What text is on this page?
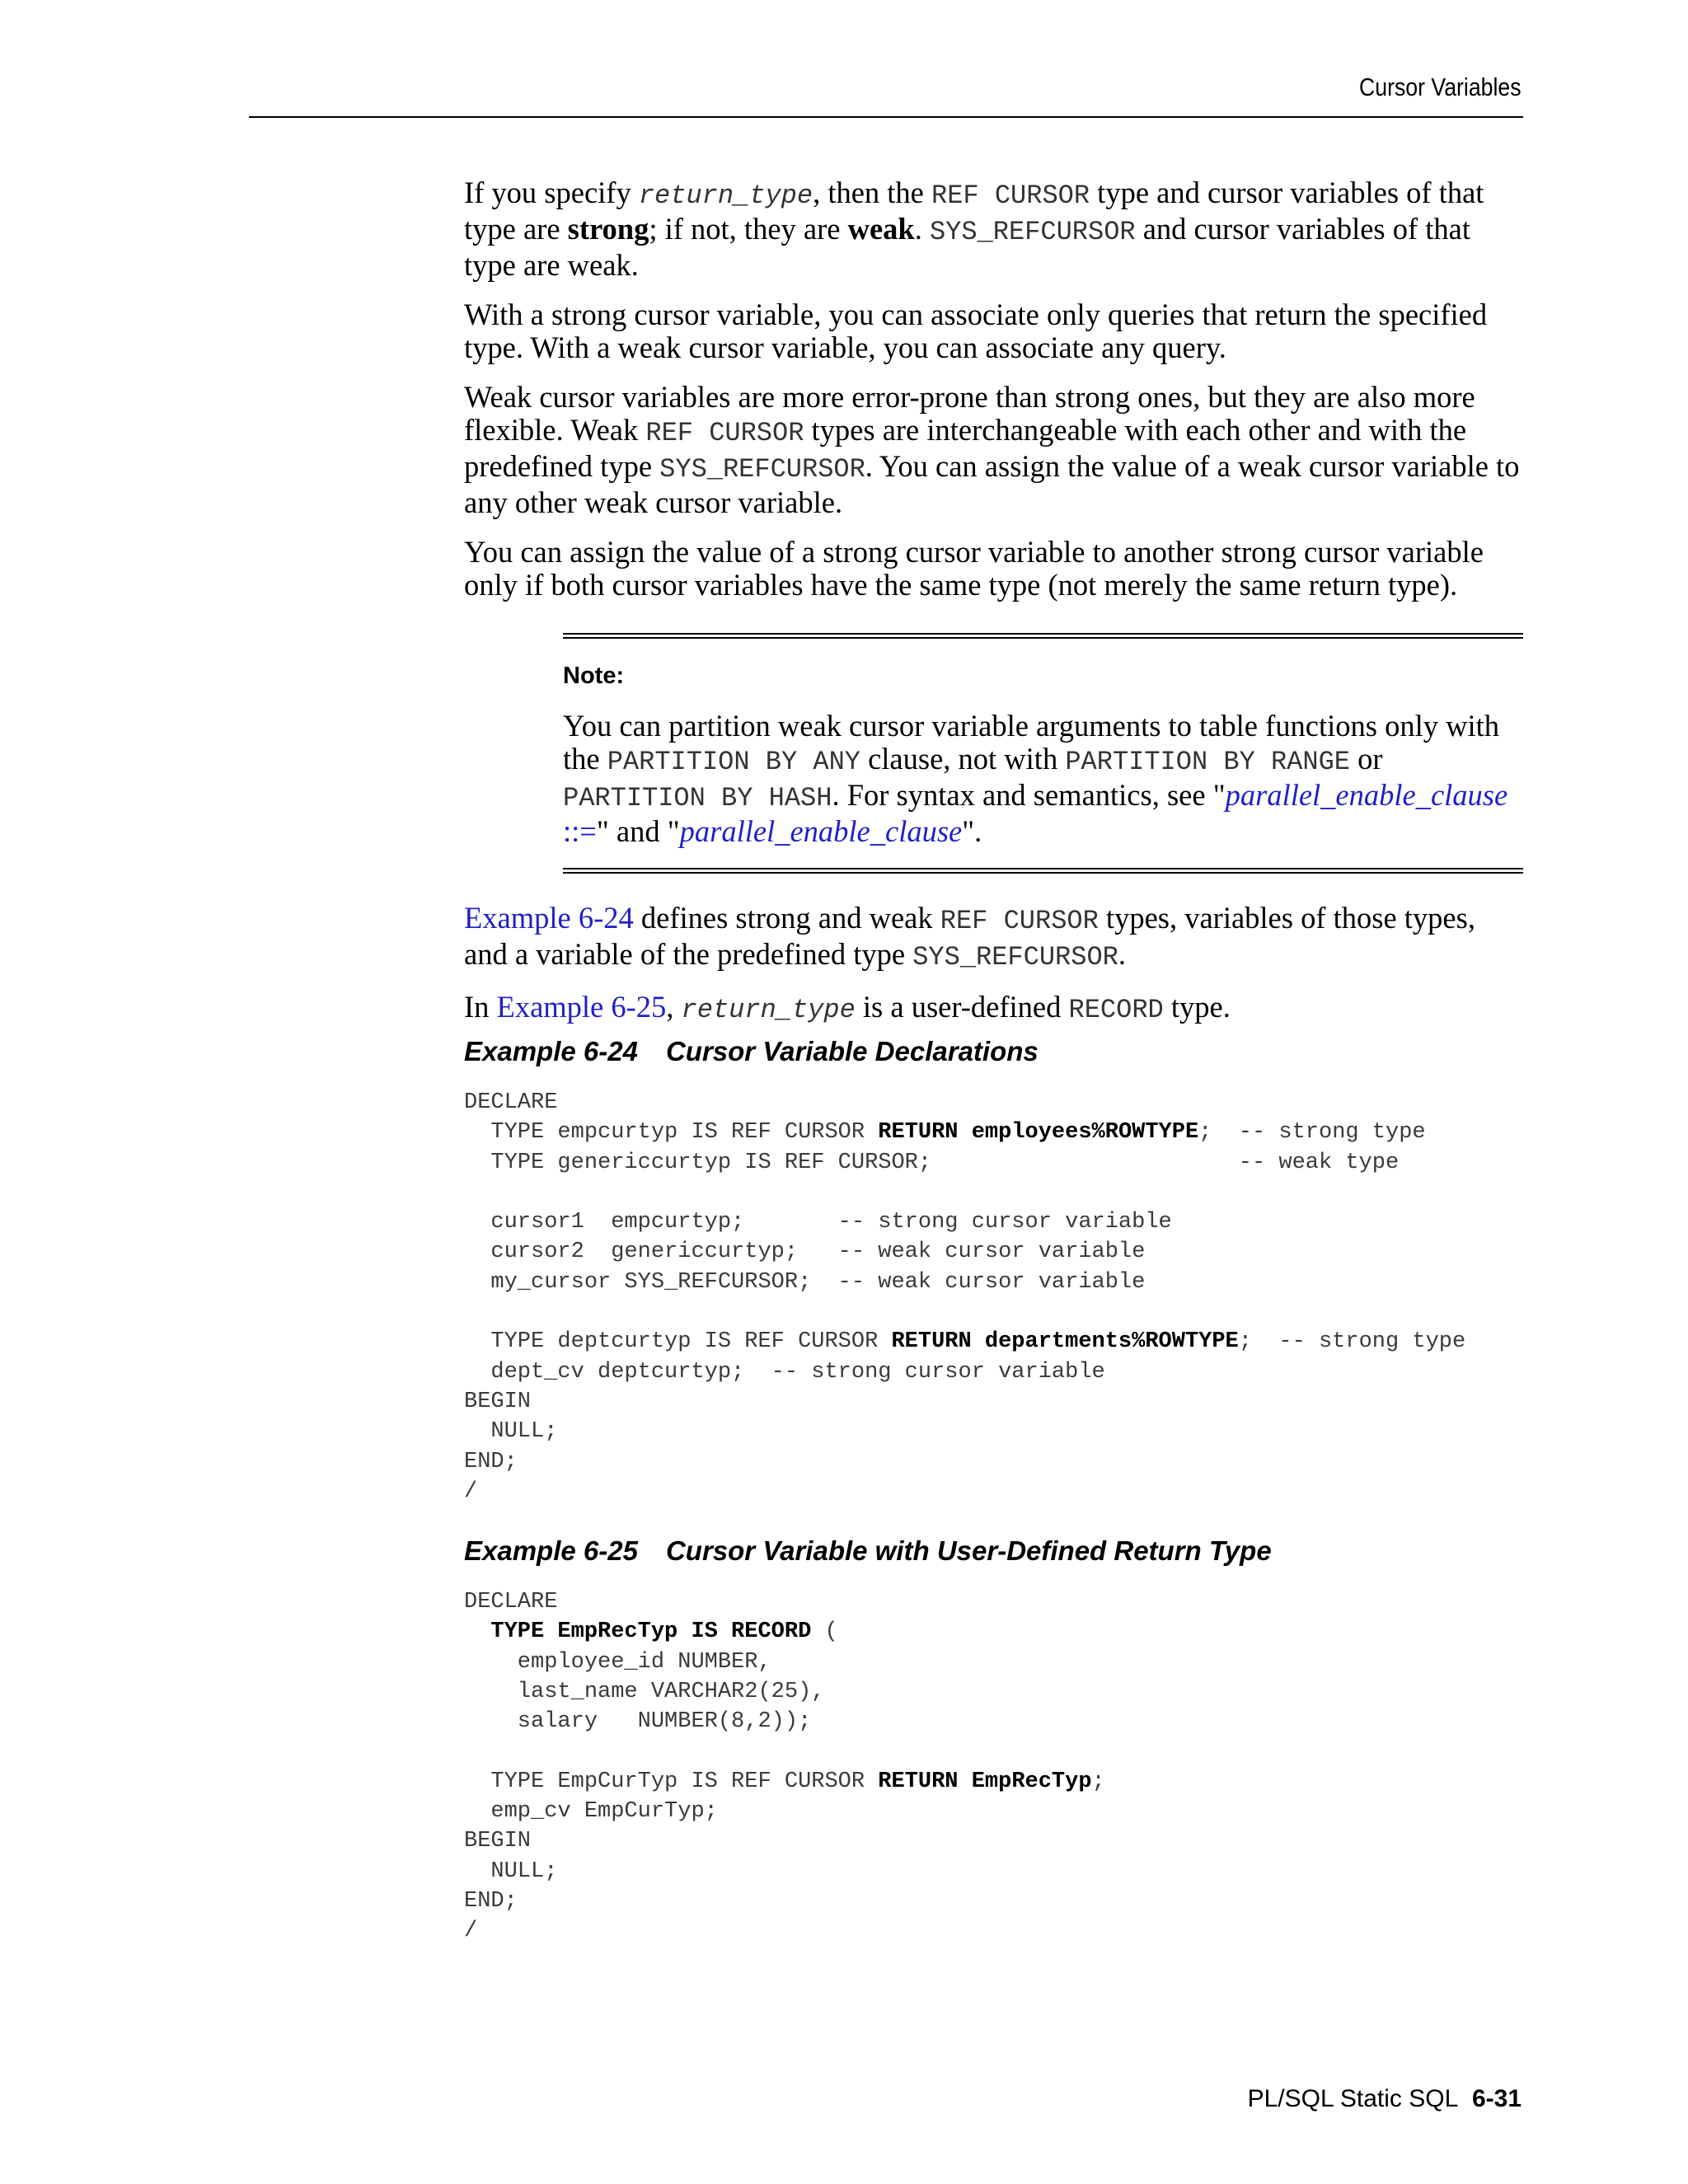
Cursor Variables

If you specify return_type, then the REF CURSOR type and cursor variables of that type are strong; if not, they are weak. SYS_REFCURSOR and cursor variables of that type are weak.

With a strong cursor variable, you can associate only queries that return the specified type. With a weak cursor variable, you can associate any query.

Weak cursor variables are more error-prone than strong ones, but they are also more flexible. Weak REF CURSOR types are interchangeable with each other and with the predefined type SYS_REFCURSOR. You can assign the value of a weak cursor variable to any other weak cursor variable.

You can assign the value of a strong cursor variable to another strong cursor variable only if both cursor variables have the same type (not merely the same return type).

Note:
You can partition weak cursor variable arguments to table functions only with the PARTITION BY ANY clause, not with PARTITION BY RANGE or PARTITION BY HASH. For syntax and semantics, see "parallel_enable_clause ::=" and "parallel_enable_clause".

Example 6-24 defines strong and weak REF CURSOR types, variables of those types, and a variable of the predefined type SYS_REFCURSOR.

In Example 6-25, return_type is a user-defined RECORD type.

Example 6-24 Cursor Variable Declarations
DECLARE
TYPE empcurtyp IS REF CURSOR RETURN employees%ROWTYPE;  -- strong type
TYPE genericcurtyp IS REF CURSOR;                       -- weak type

cursor1  empcurtyp;       -- strong cursor variable
cursor2  genericcurtyp;   -- weak cursor variable
my_cursor SYS_REFCURSOR;  -- weak cursor variable

TYPE deptcurtyp IS REF CURSOR RETURN departments%ROWTYPE;  -- strong type
dept_cv deptcurtyp;  -- strong cursor variable
BEGIN
NULL;
END;
/
Example 6-25 Cursor Variable with User-Defined Return Type
DECLARE
TYPE EmpRecTyp IS RECORD (
employee_id NUMBER,
last_name VARCHAR2(25),
salary   NUMBER(8,2));

TYPE EmpCurTyp IS REF CURSOR RETURN EmpRecTyp;
emp_cv EmpCurTyp;
BEGIN
NULL;
END;
/
PL/SQL Static SQL 6-31
